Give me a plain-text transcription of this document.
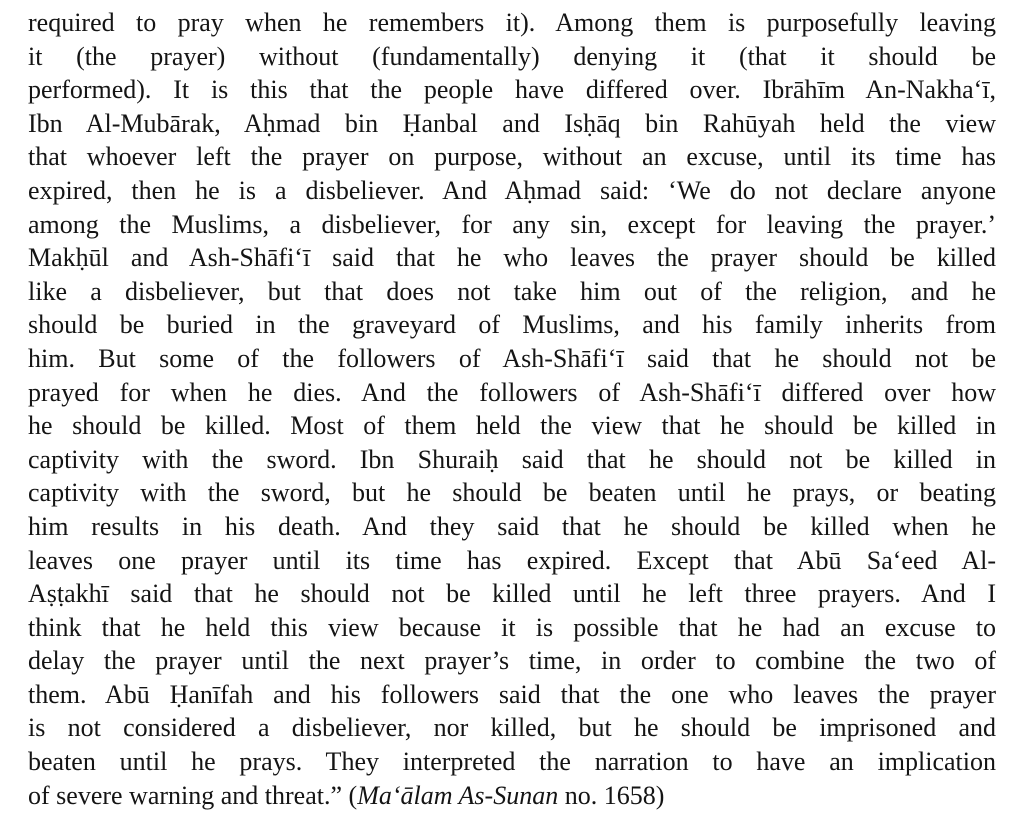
required to pray when he remembers it). Among them is purposefully leaving
it (the prayer) without (fundamentally) denying it (that it should be
performed). It is this that the people have differed over. Ibrāhīm An-Nakha‘ī,
Ibn Al-Mubārak, Aḥmad bin Ḥanbal and Isḥāq bin Rahūyah held the view
that whoever left the prayer on purpose, without an excuse, until its time has
expired, then he is a disbeliever. And Aḥmad said: ‘We do not declare anyone
among the Muslims, a disbeliever, for any sin, except for leaving the prayer.’
Makḥūl and Ash-Shāfi‘ī said that he who leaves the prayer should be killed
like a disbeliever, but that does not take him out of the religion, and he
should be buried in the graveyard of Muslims, and his family inherits from
him. But some of the followers of Ash-Shāfi‘ī said that he should not be
prayed for when he dies. And the followers of Ash-Shāfi‘ī differed over how
he should be killed. Most of them held the view that he should be killed in
captivity with the sword. Ibn Shuraiḥ said that he should not be killed in
captivity with the sword, but he should be beaten until he prays, or beating
him results in his death. And they said that he should be killed when he
leaves one prayer until its time has expired. Except that Abū Sa‘eed Al-
Aṣṭakhī said that he should not be killed until he left three prayers. And I
think that he held this view because it is possible that he had an excuse to
delay the prayer until the next prayer’s time, in order to combine the two of
them. Abū Ḥanīfah and his followers said that the one who leaves the prayer
is not considered a disbeliever, nor killed, but he should be imprisoned and
beaten until he prays. They interpreted the narration to have an implication
of severe warning and threat.” (Ma‘ālam As-Sunan no. 1658)
